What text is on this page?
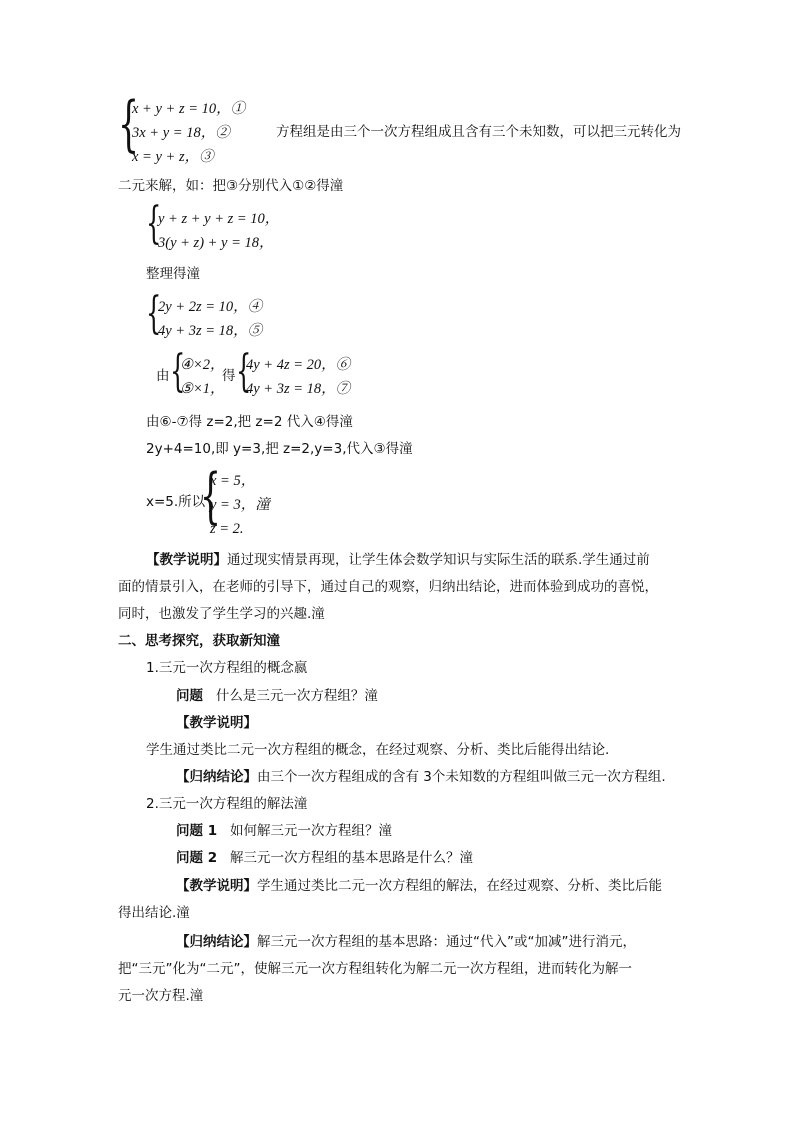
{
x + y + z = 10，①
3x + y = 18，②
x = y + z，③
方程组是由三个一次方程组成且含有三个未知数，可以把三元转化为
二元来解，如：把③分别代入①②得潼
{
y + z + y + z = 10，
3(y + z) + y = 18，
整理得潼
{
2y + 2z = 10，④
4y + 3z = 18，⑤
由 {
④×2，
⑤×1，
得 {
4y + 4z = 20，⑥
4y + 3z = 18，⑦
由⑥-⑦得 z=2,把 z=2 代入④得潼
2y+4=10,即 y=3,把 z=2,y=3,代入③得潼
x=5.所以
{
x = 5，
y = 3，潼
z = 2.
【教学说明】通过现实情景再现，让学生体会数学知识与实际生活的联系.学生通过前
面的情景引入，在老师的引导下，通过自己的观察，归纳出结论，进而体验到成功的喜悦，
同时，也激发了学生学习的兴趣.潼
二、思考探究，获取新知潼
1.三元一次方程组的概念嬴
问题 什么是三元一次方程组？潼
【教学说明】
学生通过类比二元一次方程组的概念，在经过观察、分析、类比后能得出结论.
【归纳结论】由三个一次方程组成的含有 3个未知数的方程组叫做三元一次方程组.
2.三元一次方程组的解法潼
问题 1 如何解三元一次方程组？潼
问题 2 解三元一次方程组的基本思路是什么？潼
【教学说明】学生通过类比二元一次方程组的解法，在经过观察、分析、类比后能
得出结论.潼
【归纳结论】解三元一次方程组的基本思路：通过“代入”或“加减”进行消元，
把“三元”化为“二元”，使解三元一次方程组转化为解二元一次方程组，进而转化为解一
元一次方程.潼
